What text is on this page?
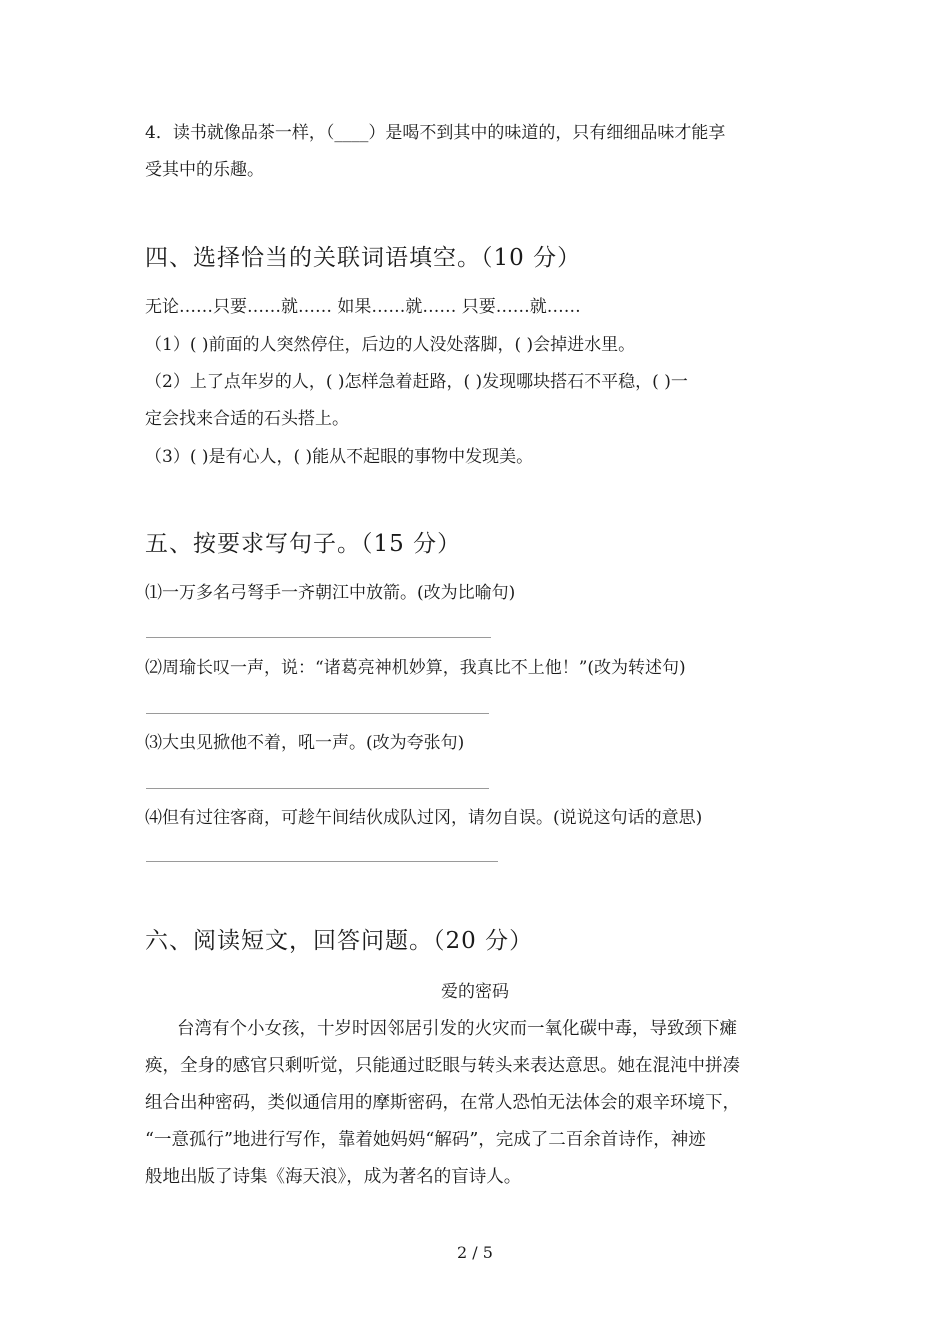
4．读书就像品茶一样，（____）是喝不到其中的味道的，只有细细品味才能享
受其中的乐趣。
四、选择恰当的关联词语填空。（10 分）
无论……只要……就…… 如果……就…… 只要……就……
（1）( )前面的人突然停住，后边的人没处落脚，( )会掉进水里。
（2）上了点年岁的人，( )怎样急着赶路，( )发现哪块搭石不平稳，( )一
定会找来合适的石头搭上。
（3）( )是有心人，( )能从不起眼的事物中发现美。
五、按要求写句子。（15 分）
⑴一万多名弓弩手一齐朝江中放箭。(改为比喻句)
⑵周瑜长叹一声，说：“诸葛亮神机妙算，我真比不上他！”(改为转述句)
⑶大虫见掀他不着，吼一声。(改为夸张句)
⑷但有过往客商，可趁午间结伙成队过冈，请勿自误。(说说这句话的意思)
六、阅读短文，回答问题。（20 分）
爱的密码
台湾有个小女孩，十岁时因邻居引发的火灾而一氧化碳中毒，导致颈下瘫
痪，全身的感官只剩听觉，只能通过眨眼与转头来表达意思。她在混沌中拼凑
组合出种密码，类似通信用的摩斯密码，在常人恐怕无法体会的艰辛环境下，
“一意孤行”地进行写作，靠着她妈妈“解码”，完成了二百余首诗作，神迹
般地出版了诗集《海天浪》，成为著名的盲诗人。
2 / 5
